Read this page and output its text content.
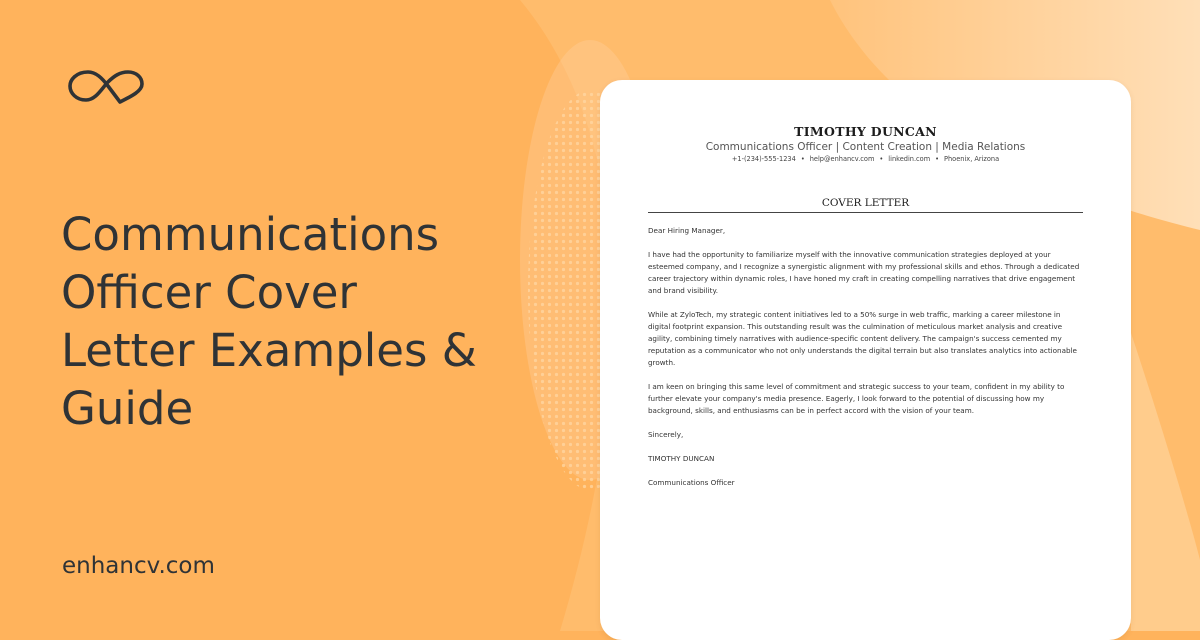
Communications
Officer Cover
Letter Examples &
Guide
enhancv.com
TIMOTHY DUNCAN
Communications Officer | Content Creation | Media Relations
+1-(234)-555-1234 • help@enhancv.com • linkedin.com • Phoenix, Arizona
COVER LETTER

Dear Hiring Manager,

I have had the opportunity to familiarize myself with the innovative communication strategies deployed at your esteemed company, and I recognize a synergistic alignment with my professional skills and ethos. Through a dedicated career trajectory within dynamic roles, I have honed my craft in creating compelling narratives that drive engagement and brand visibility.

While at ZyloTech, my strategic content initiatives led to a 50% surge in web traffic, marking a career milestone in digital footprint expansion. This outstanding result was the culmination of meticulous market analysis and creative agility, combining timely narratives with audience-specific content delivery. The campaign's success cemented my reputation as a communicator who not only understands the digital terrain but also translates analytics into actionable growth.

I am keen on bringing this same level of commitment and strategic success to your team, confident in my ability to further elevate your company's media presence. Eagerly, I look forward to the potential of discussing how my background, skills, and enthusiasms can be in perfect accord with the vision of your team.

Sincerely,

TIMOTHY DUNCAN

Communications Officer
